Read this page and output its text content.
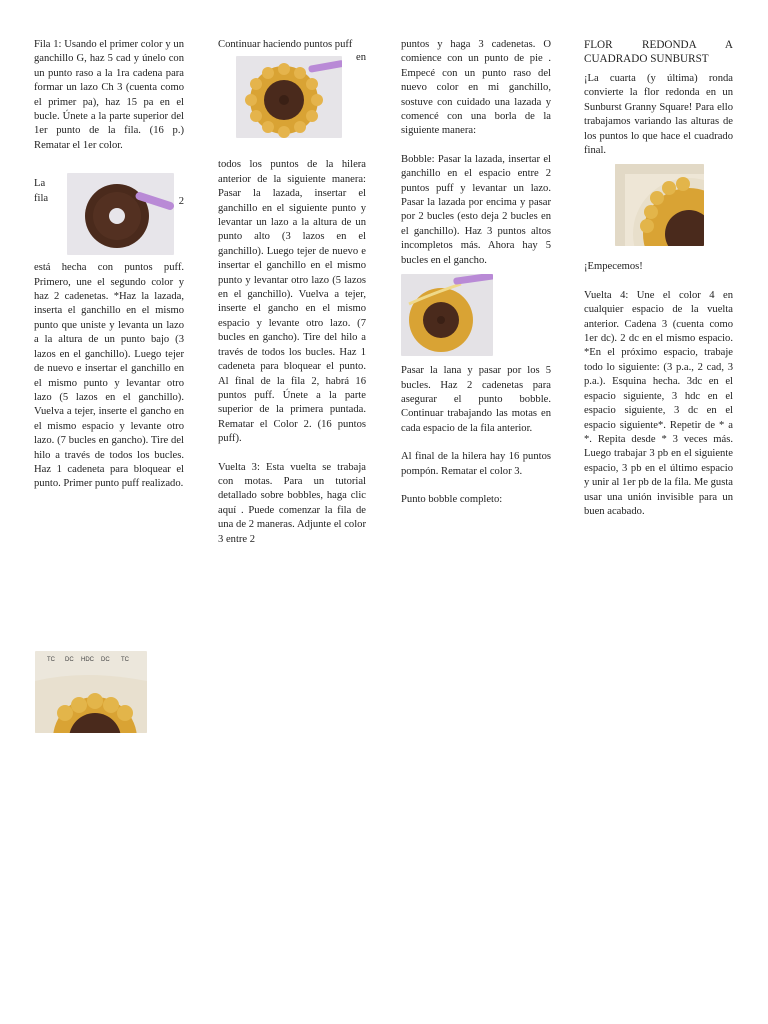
Fila 1: Usando el primer color y un ganchillo G, haz 5 cad y únelo con un punto raso a la 1ra cadena para formar un lazo Ch 3 (cuenta como el primer pa), haz 15 pa en el bucle. Únete a la parte superior del 1er punto de la fila. (16 p.) Rematar el 1er color.

La
fila	2

está hecha con puntos puff. Primero, une el segundo color y haz 2 cadenetas. *Haz la lazada, inserta el ganchillo en el mismo punto que uniste y levanta un lazo a la altura de un punto bajo (3 lazos en el ganchillo). Luego tejer de nuevo e insertar el ganchillo en el mismo punto y levantar otro lazo (5 lazos en el ganchillo). Vuelva a tejer, inserte el gancho en el mismo espacio y levante otro lazo. (7 bucles en gancho). Tire del hilo a través de todos los bucles. Haz 1 cadeneta para bloquear el punto. Primer punto puff realizado.

TC DC HDC DC TC
Continuar haciendo puntos puff
en

todos los puntos de la hilera anterior de la siguiente manera: Pasar la lazada, insertar el ganchillo en el siguiente punto y levantar un lazo a la altura de un punto alto (3 lazos en el ganchillo). Luego tejer de nuevo e insertar el ganchillo en el mismo punto y levantar otro lazo (5 lazos en el ganchillo). Vuelva a tejer, inserte el gancho en el mismo espacio y levante otro lazo. (7 bucles en gancho). Tire del hilo a través de todos los bucles. Haz 1 cadeneta para bloquear el punto. Al final de la fila 2, habrá 16 puntos puff. Únete a la parte superior de la primera puntada. Rematar el Color 2. (16 puntos puff).

Vuelta 3: Esta vuelta se trabaja con motas. Para un tutorial detallado sobre bobbles, haga clic aquí . Puede comenzar la fila de una de 2 maneras. Adjunte el color 3 entre 2

puntos y haga 3 cadenetas. O comience con un punto de pie . Empecé con un punto raso del nuevo color en mi ganchillo, sostuve con cuidado una lazada y comencé con una borla de la siguiente manera:

Bobble: Pasar la lazada, insertar el ganchillo en el espacio entre 2 puntos puff y levantar un lazo. Pasar la lazada por encima y pasar por 2 bucles (esto deja 2 bucles en el ganchillo). Haz 3 puntos altos incompletos más. Ahora hay 5 bucles en el gancho.

Pasar la lana y pasar por los 5 bucles. Haz 2 cadenetas para asegurar el punto bobble. Continuar trabajando las motas en cada espacio de la fila anterior.

Al final de la hilera hay 16 puntos pompón. Rematar el color 3.

Punto bobble completo:

FLOR REDONDA A
CUADRADO SUNBURST

¡La cuarta (y última) ronda convierte la flor redonda en un Sunburst Granny Square! Para ello trabajamos variando las alturas de los puntos lo que hace el cuadrado final.

¡Empecemos!

Vuelta 4: Une el color 4 en cualquier espacio de la vuelta anterior. Cadena 3 (cuenta como 1er dc). 2 dc en el mismo espacio. *En el próximo espacio, trabaje todo lo siguiente: (3 p.a., 2 cad, 3 p.a.). Esquina hecha. 3dc en el espacio siguiente, 3 hdc en el espacio siguiente, 3 dc en el espacio siguiente*. Repetir de * a *. Repita desde * 3 veces más. Luego trabajar 3 pb en el siguiente espacio, 3 pb en el último espacio y unir al 1er pb de la fila. Me gusta usar una unión invisible para un buen acabado.
